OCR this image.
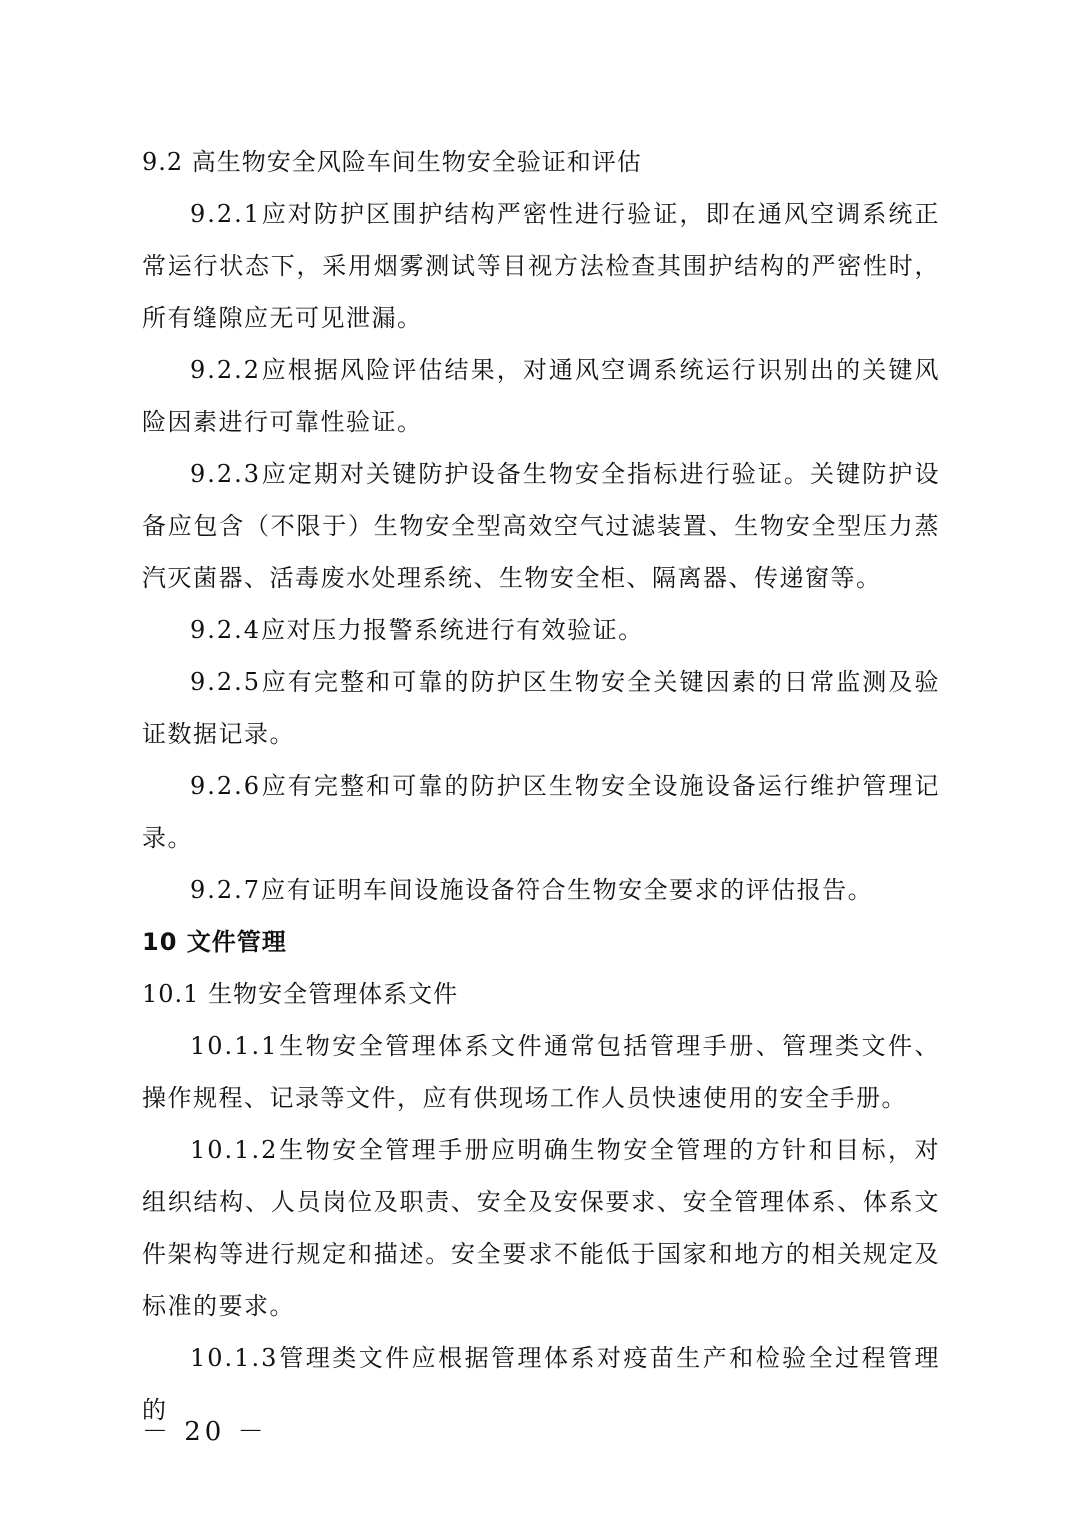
9.2 高生物安全风险车间生物安全验证和评估

9.2.1应对防护区围护结构严密性进行验证，即在通风空调系统正常运行状态下，采用烟雾测试等目视方法检查其围护结构的严密性时，所有缝隙应无可见泄漏。

9.2.2应根据风险评估结果，对通风空调系统运行识别出的关键风险因素进行可靠性验证。

9.2.3应定期对关键防护设备生物安全指标进行验证。关键防护设备应包含（不限于）生物安全型高效空气过滤装置、生物安全型压力蒸汽灭菌器、活毒废水处理系统、生物安全柜、隔离器、传递窗等。

9.2.4应对压力报警系统进行有效验证。

9.2.5应有完整和可靠的防护区生物安全关键因素的日常监测及验证数据记录。

9.2.6应有完整和可靠的防护区生物安全设施设备运行维护管理记录。

9.2.7应有证明车间设施设备符合生物安全要求的评估报告。

10 文件管理
10.1 生物安全管理体系文件

10.1.1生物安全管理体系文件通常包括管理手册、管理类文件、操作规程、记录等文件，应有供现场工作人员快速使用的安全手册。

10.1.2生物安全管理手册应明确生物安全管理的方针和目标，对组织结构、人员岗位及职责、安全及安保要求、安全管理体系、体系文件架构等进行规定和描述。安全要求不能低于国家和地方的相关规定及标准的要求。

10.1.3管理类文件应根据管理体系对疫苗生产和检验全过程管理的

－ 20 －
